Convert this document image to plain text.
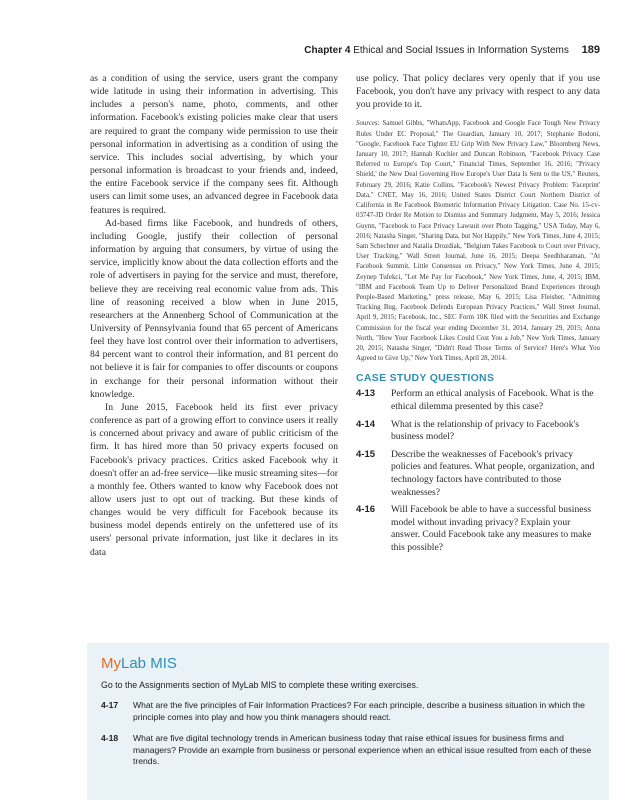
Chapter 4 Ethical and Social Issues in Information Systems 189

as a condition of using the service, users grant the company wide latitude in using their information in advertising. This includes a person's name, photo, comments, and other information. Facebook's existing policies make clear that users are required to grant the company wide permission to use their personal information in advertising as a condition of using the service. This includes social advertising, by which your personal information is broadcast to your friends and, indeed, the entire Facebook service if the company sees fit. Although users can limit some uses, an advanced degree in Facebook data features is required.

Ad-based firms like Facebook, and hundreds of others, including Google, justify their collection of personal information by arguing that consumers, by virtue of using the service, implicitly know about the data collection efforts and the role of advertisers in paying for the service and must, therefore, believe they are receiving real economic value from ads. This line of reasoning received a blow when in June 2015, researchers at the Annenberg School of Communication at the University of Pennsylvania found that 65 percent of Americans feel they have lost control over their information to advertisers, 84 percent want to control their information, and 81 percent do not believe it is fair for companies to offer discounts or coupons in exchange for their personal information without their knowledge.

In June 2015, Facebook held its first ever privacy conference as part of a growing effort to convince users it really is concerned about privacy and aware of public criticism of the firm. It has hired more than 50 privacy experts focused on Facebook's privacy practices. Critics asked Facebook why it doesn't offer an ad-free service—like music streaming sites—for a monthly fee. Others wanted to know why Facebook does not allow users just to opt out of tracking. But these kinds of changes would be very difficult for Facebook because its business model depends entirely on the unfettered use of its users' personal private information, just like it declares in its data

use policy. That policy declares very openly that if you use Facebook, you don't have any privacy with respect to any data you provide to it.

Sources: Samuel Gibbs, "WhatsApp, Facebook and Google Face Tough New Privacy Rules Under EC Proposal," The Guardian, January 10, 2017; Stephanie Bodoni, "Google, Facebook Face Tighter EU Grip With New Privacy Law," Bloomberg News, January 10, 2017; Hannah Kuchler and Duncan Robinson, "Facebook Privacy Case Referred to Europe's Top Court," Financial Times, September 16, 2016; "Privacy Shield,' the New Deal Governing How Europe's User Data Is Sent to the US," Reuters, February 29, 2016; Katie Collins, "Facebook's Newest Privacy Problem: 'Faceprint' Data," CNET, May 16, 2016; United States District Court Northern District of California in Re Facebook Biometric Information Privacy Litigation. Case No. 15-cv-03747-JD Order Re Motion to Dismiss and Summary Judgment, May 5, 2016; Jessica Guynn, "Facebook to Face Privacy Lawsuit over Photo Tagging," USA Today, May 6, 2016; Natasha Singer, "Sharing Data, but Not Happily," New York Times, June 4, 2015; Sam Schechner and Natalia Drozdiak, "Belgium Takes Facebook to Court over Privacy, User Tracking," Wall Street Journal, June 16, 2015; Deepa Seedhharaman, "At Facebook Summit, Little Consensus on Privacy," New York Times, June 4, 2015; Zeynep Tufekci, "Let Me Pay for Facebook," New York Times, June, 4, 2015; IBM, "IBM and Facebook Team Up to Deliver Personalized Brand Experiences through People-Based Marketing," press release, May 6, 2015; Lisa Fleisher, "Admitting Tracking Bug, Facebook Defends European Privacy Practices," Wall Street Journal, April 9, 2015; Facebook, Inc., SEC Form 10K filed with the Securities and Exchange Commission for the fiscal year ending December 31, 2014, January 29, 2015; Anna North, "How Your Facebook Likes Could Cost You a Job," New York Times, January 20, 2015; Natasha Singer, "Didn't Read Those Terms of Service? Here's What You Agreed to Give Up," New York Times, April 28, 2014.

CASE STUDY QUESTIONS
4-13 Perform an ethical analysis of Facebook. What is the ethical dilemma presented by this case?
4-14 What is the relationship of privacy to Facebook's business model?
4-15 Describe the weaknesses of Facebook's privacy policies and features. What people, organization, and technology factors have contributed to those weaknesses?
4-16 Will Facebook be able to have a successful business model without invading privacy? Explain your answer. Could Facebook take any measures to make this possible?
MyLab MIS
Go to the Assignments section of MyLab MIS to complete these writing exercises.
4-17 What are the five principles of Fair Information Practices? For each principle, describe a business situation in which the principle comes into play and how you think managers should react.
4-18 What are five digital technology trends in American business today that raise ethical issues for business firms and managers? Provide an example from business or personal experience when an ethical issue resulted from each of these trends.
